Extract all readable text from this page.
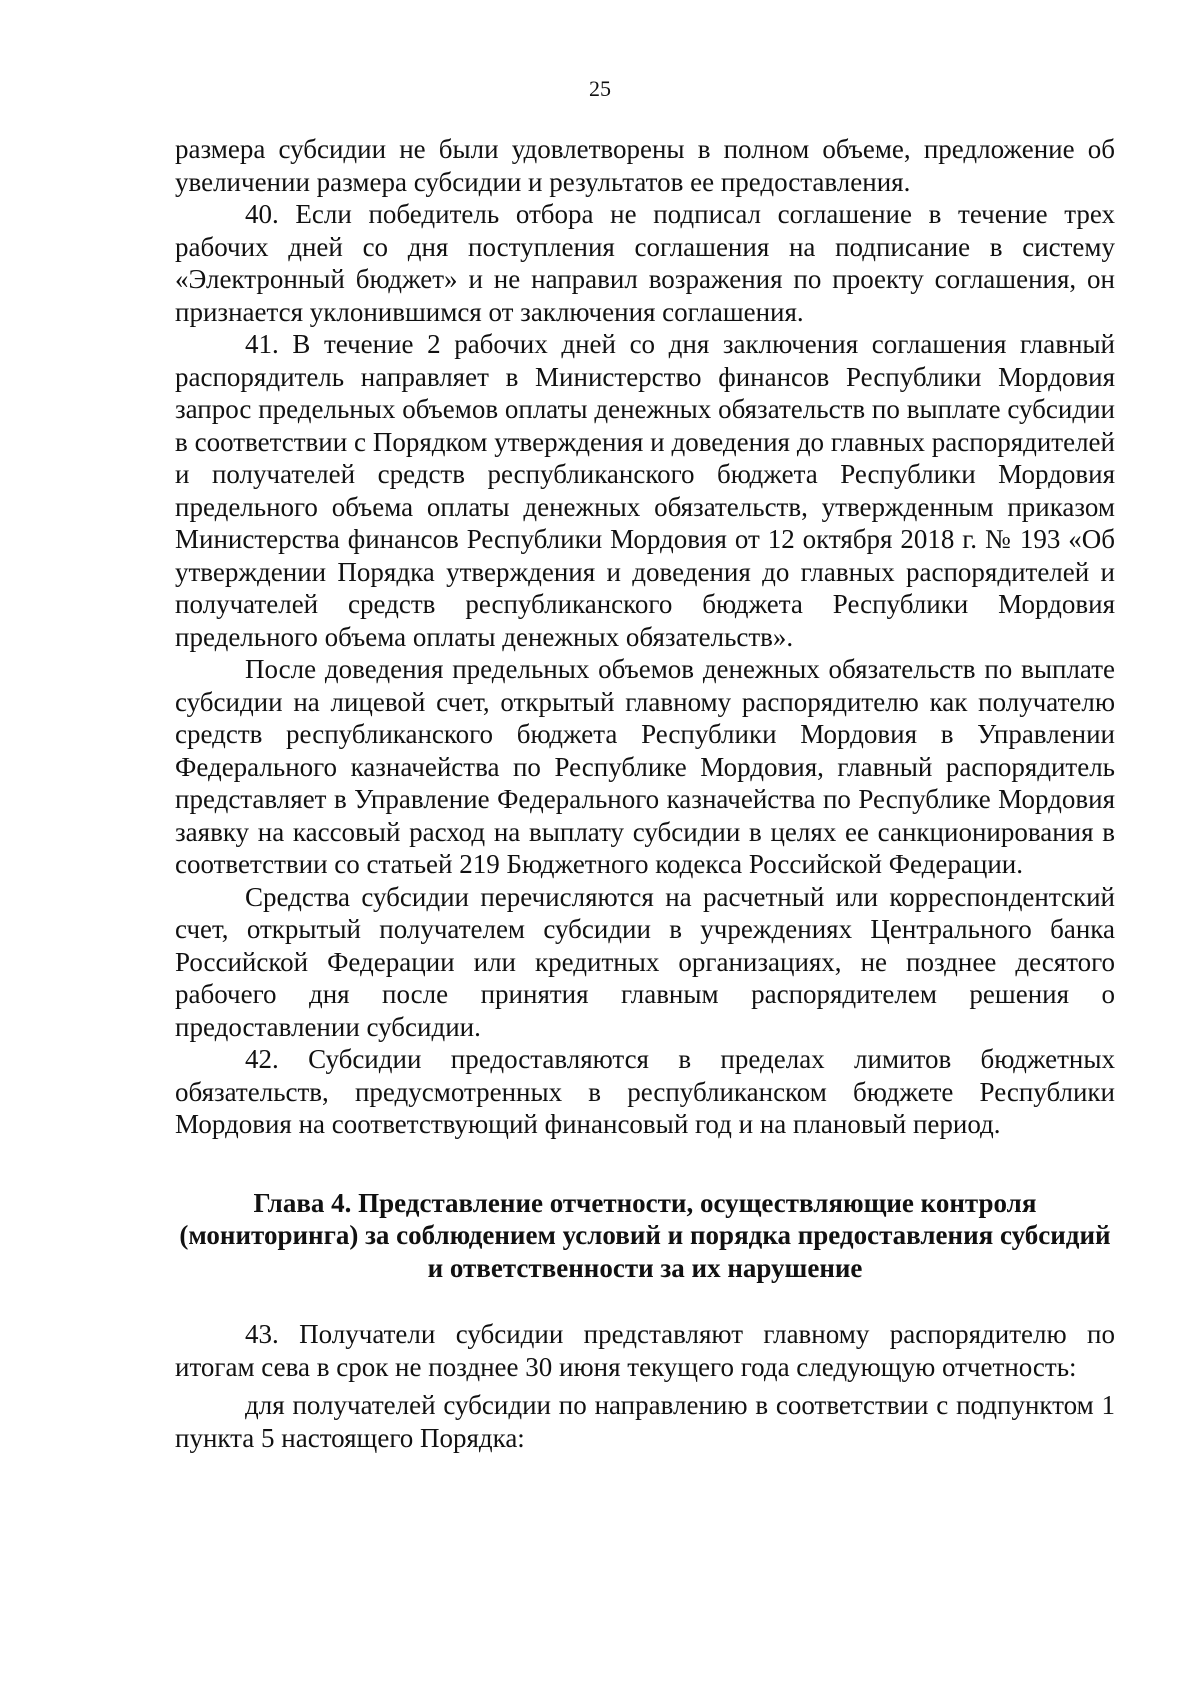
25

размера субсидии не были удовлетворены в полном объеме, предложение об увеличении размера субсидии и результатов ее предоставления.

40. Если победитель отбора не подписал соглашение в течение трех рабочих дней со дня поступления соглашения на подписание в систему «Электронный бюджет» и не направил возражения по проекту соглашения, он признается уклонившимся от заключения соглашения.

41. В течение 2 рабочих дней со дня заключения соглашения главный распорядитель направляет в Министерство финансов Республики Мордовия запрос предельных объемов оплаты денежных обязательств по выплате субсидии в соответствии с Порядком утверждения и доведения до главных распорядителей и получателей средств республиканского бюджета Республики Мордовия предельного объема оплаты денежных обязательств, утвержденным приказом Министерства финансов Республики Мордовия от 12 октября 2018 г. № 193 «Об утверждении Порядка утверждения и доведения до главных распорядителей и получателей средств республиканского бюджета Республики Мордовия предельного объема оплаты денежных обязательств».

После доведения предельных объемов денежных обязательств по выплате субсидии на лицевой счет, открытый главному распорядителю как получателю средств республиканского бюджета Республики Мордовия в Управлении Федерального казначейства по Республике Мордовия, главный распорядитель представляет в Управление Федерального казначейства по Республике Мордовия заявку на кассовый расход на выплату субсидии в целях ее санкционирования в соответствии со статьей 219 Бюджетного кодекса Российской Федерации.

Средства субсидии перечисляются на расчетный или корреспондентский счет, открытый получателем субсидии в учреждениях Центрального банка Российской Федерации или кредитных организациях, не позднее десятого рабочего дня после принятия главным распорядителем решения о предоставлении субсидии.

42. Субсидии предоставляются в пределах лимитов бюджетных обязательств, предусмотренных в республиканском бюджете Республики Мордовия на соответствующий финансовый год и на плановый период.

Глава 4. Представление отчетности, осуществляющие контроля (мониторинга) за соблюдением условий и порядка предоставления субсидий и ответственности за их нарушение

43. Получатели субсидии представляют главному распорядителю по итогам сева в срок не позднее 30 июня текущего года следующую отчетность:

для получателей субсидии по направлению в соответствии с подпунктом 1 пункта 5 настоящего Порядка:
